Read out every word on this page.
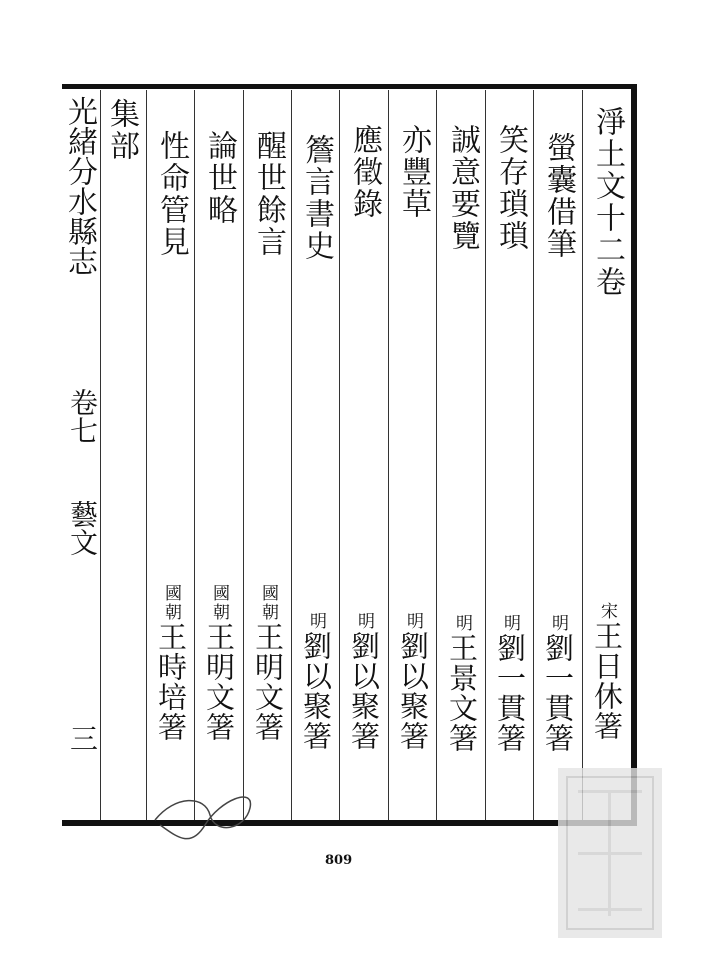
淨土文十二卷
宋王日休箸
螢囊借筆
明劉一貫箸
笑存瑣瑣
明劉一貫箸
誠意要覽
明王景文箸
亦豐草
明劉以聚箸
應徵錄
明劉以聚箸
簷言書史
明劉以聚箸
醒世餘言
國朝王明文箸
論世略
國朝王明文箸
性命管見
國朝王時培箸
集部
光緒分水縣志
卷七
藝文
三
809
